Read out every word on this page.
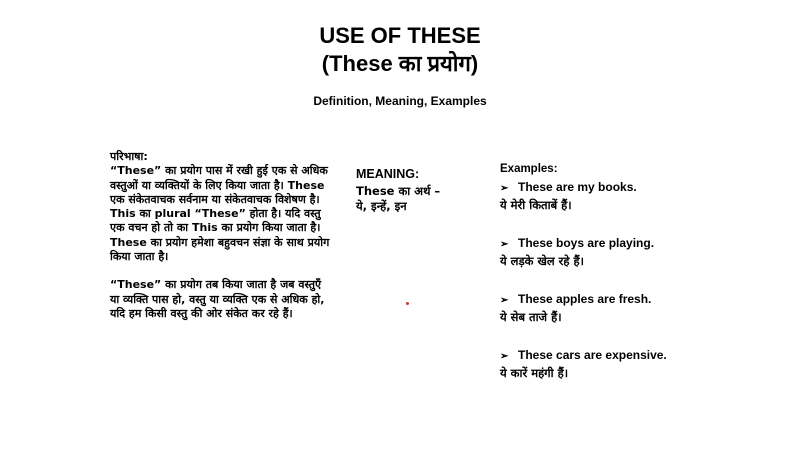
USE OF THESE
(These का प्रयोग)
Definition, Meaning, Examples
परिभाषा:

“These” का प्रयोग पास में रखी हुई एक से अधिक वस्तुओं या व्यक्तियों के लिए किया जाता है। These एक संकेतवाचक सर्वनाम या संकेतवाचक विशेषण है। This का plural “These” होता है। यदि वस्तु एक वचन हो तो का This का प्रयोग किया जाता है। These का प्रयोग हमेशा बहुवचन संज्ञा के साथ प्रयोग किया जाता है।

“These” का प्रयोग तब किया जाता है जब वस्तुएँ या व्यक्ति पास हो, वस्तु या व्यक्ति एक से अधिक हो, यदि हम किसी वस्तु की ओर संकेत कर रहे हैं।

MEANING:
These का अर्थ –
ये, इन्हें, इन
Examples:
➢ These are my books.
ये मेरी किताबें हैं।
➢ These boys are playing.
ये लड़के खेल रहे हैं।
➢ These apples are fresh.
ये सेब ताजे हैं।
➢ These cars are expensive.
ये कारें महंगी हैं।
